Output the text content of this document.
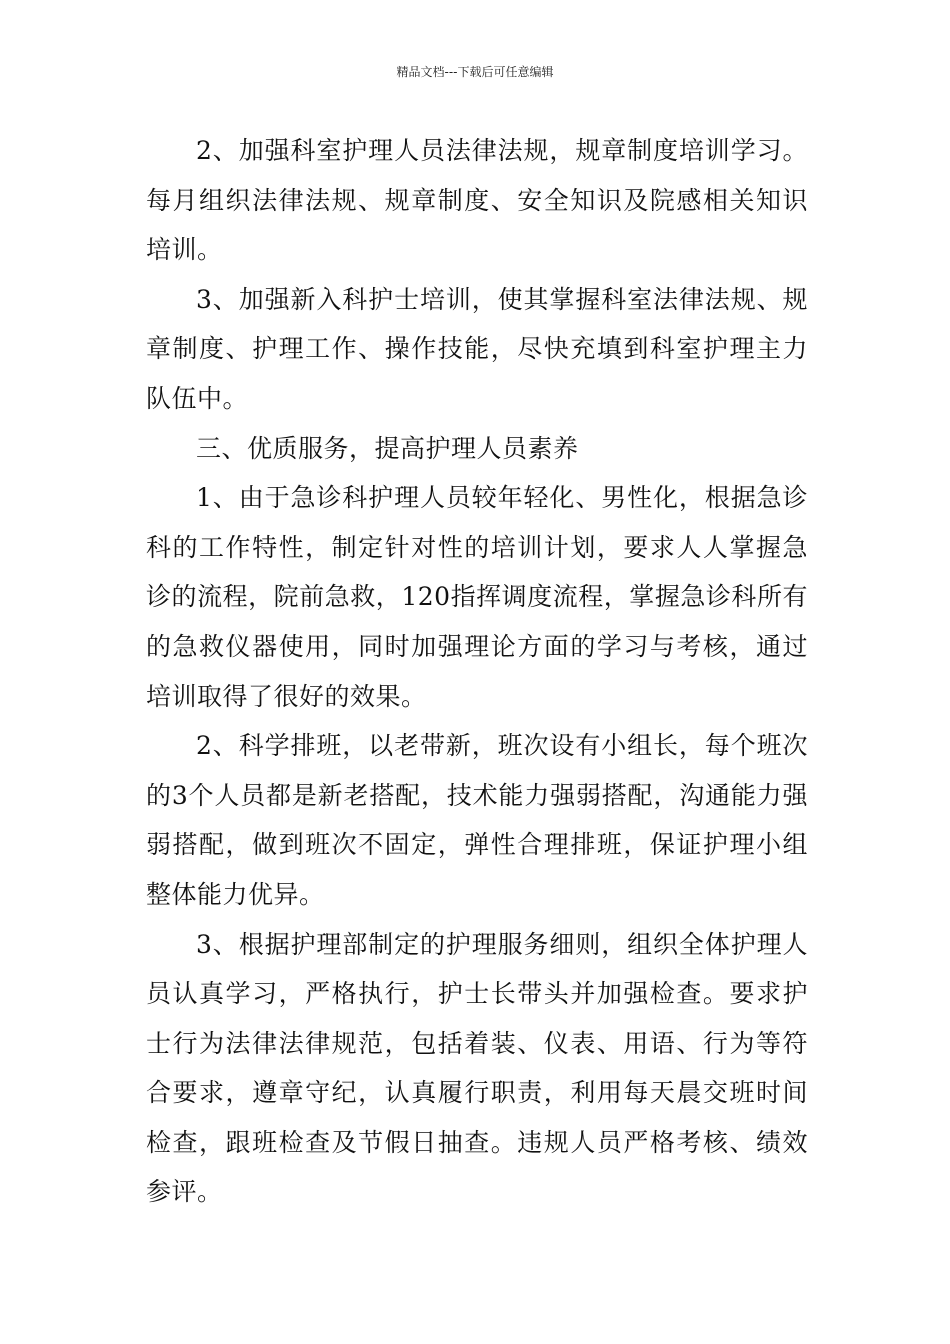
精品文档---下载后可任意编辑

2、加强科室护理人员法律法规，规章制度培训学习。每月组织法律法规、规章制度、安全知识及院感相关知识培训。

3、加强新入科护士培训，使其掌握科室法律法规、规章制度、护理工作、操作技能，尽快充填到科室护理主力队伍中。

三、优质服务，提高护理人员素养

1、由于急诊科护理人员较年轻化、男性化，根据急诊科的工作特性，制定针对性的培训计划，要求人人掌握急诊的流程，院前急救，120指挥调度流程，掌握急诊科所有的急救仪器使用，同时加强理论方面的学习与考核，通过培训取得了很好的效果。

2、科学排班，以老带新，班次设有小组长，每个班次的3个人员都是新老搭配，技术能力强弱搭配，沟通能力强弱搭配，做到班次不固定，弹性合理排班，保证护理小组整体能力优异。

3、根据护理部制定的护理服务细则，组织全体护理人员认真学习，严格执行，护士长带头并加强检查。要求护士行为法律法律规范，包括着装、仪表、用语、行为等符合要求，遵章守纪，认真履行职责，利用每天晨交班时间检查，跟班检查及节假日抽查。违规人员严格考核、绩效参评。
